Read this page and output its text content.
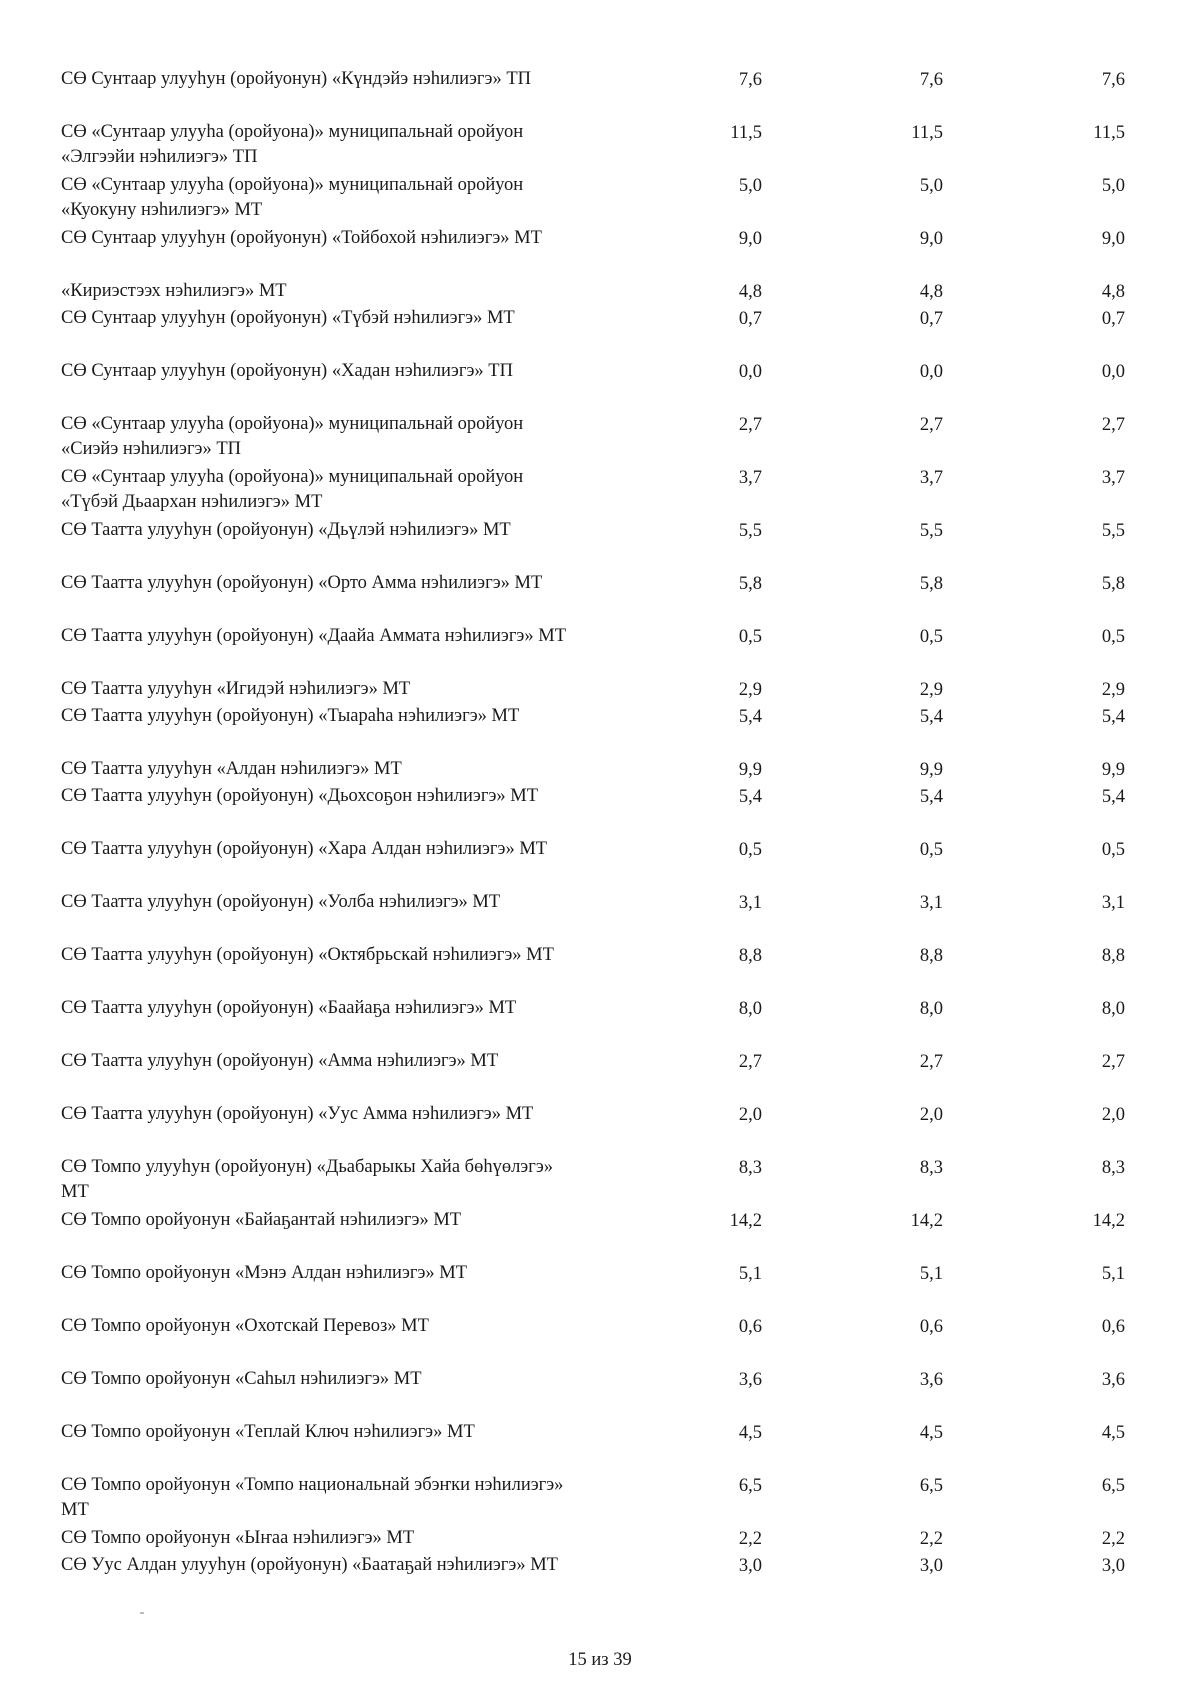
СӨ Сунтаар улууһун (оройуонун) «Күндэйэ нэһилиэгэ» ТП	7,6	7,6	7,6
СӨ «Сунтаар улууһа (оройуона)» муниципальнай оройуон «Элгээйи нэһилиэгэ» ТП
11,5	11,5	11,5
СӨ «Сунтаар улууһа (оройуона)» муниципальнай оройуон «Куокуну нэһилиэгэ» МТ
5,0	5,0	5,0
СӨ Сунтаар улууһун (оройуонун) «Тойбохой нэһилиэгэ» МТ	9,0	9,0	9,0
«Кириэстээх нэһилиэгэ» МТ	4,8	4,8	4,8
СӨ Сунтаар улууһун (оройуонун) «Түбэй нэһилиэгэ» МТ	0,7	0,7	0,7
СӨ Сунтаар улууһун (оройуонун) «Хадан нэһилиэгэ» ТП	0,0	0,0	0,0
СӨ «Сунтаар улууһа (оройуона)» муниципальнай оройуон «Сиэйэ нэһилиэгэ» ТП
2,7	2,7	2,7
СӨ «Сунтаар улууһа (оройуона)» муниципальнай оройуон «Түбэй Дьаархан нэһилиэгэ» МТ
3,7	3,7	3,7
СӨ Таатта улууһун (оройуонун) «Дьүлэй нэһилиэгэ» МТ	5,5	5,5	5,5
СӨ Таатта улууһун (оройуонун) «Орто Амма нэһилиэгэ» МТ	5,8	5,8	5,8
СӨ Таатта улууһун (оройуонун) «Даайа Аммата нэһилиэгэ» МТ	0,5	0,5	0,5
СӨ Таатта улууһун «Игидэй нэһилиэгэ» МТ	2,9	2,9	2,9
СӨ Таатта улууһун (оройуонун) «Тыараһа нэһилиэгэ» МТ	5,4	5,4	5,4
СӨ Таатта улууһун «Алдан нэһилиэгэ» МТ	9,9	9,9	9,9
СӨ Таатта улууһун (оройуонун) «Дьохсоҕон нэһилиэгэ» МТ	5,4	5,4	5,4
СӨ Таатта улууһун (оройуонун) «Хара Алдан нэһилиэгэ» МТ	0,5	0,5	0,5
СӨ Таатта улууһун (оройуонун) «Уолба нэһилиэгэ» МТ	3,1	3,1	3,1
СӨ Таатта улууһун (оройуонун) «Октябрьскай нэһилиэгэ» МТ	8,8	8,8	8,8
СӨ Таатта улууһун (оройуонун) «Баайаҕа нэһилиэгэ» МТ	8,0	8,0	8,0
СӨ Таатта улууһун (оройуонун) «Амма нэһилиэгэ» МТ	2,7	2,7	2,7
СӨ Таатта улууһун (оройуонун) «Уус Амма нэһилиэгэ» МТ	2,0	2,0	2,0
СӨ Томпо улууһун (оройуонун) «Дьабарыкы Хайа бөһүөлэгэ» МТ
8,3	8,3	8,3
СӨ Томпо оройуонун «Байаҕантай нэһилиэгэ» МТ	14,2	14,2	14,2
СӨ Томпо оройуонун «Мэнэ Алдан нэһилиэгэ» МТ	5,1	5,1	5,1
СӨ Томпо оройуонун «Охотскай Перевоз» МТ	0,6	0,6	0,6
СӨ Томпо оройуонун «Саһыл нэһилиэгэ» МТ	3,6	3,6	3,6
СӨ Томпо оройуонун «Теплай Ключ нэһилиэгэ» МТ	4,5	4,5	4,5
СӨ Томпо оройуонун «Томпо национальнай эбэҥки нэһилиэгэ» МТ
6,5	6,5	6,5
СӨ Томпо оройуонун «Ыҥаа нэһилиэгэ» МТ	2,2	2,2	2,2
СӨ Уус Алдан улууһун (оройуонун) «Баатаҕай нэһилиэгэ» МТ	3,0	3,0	3,0
15 из 39
